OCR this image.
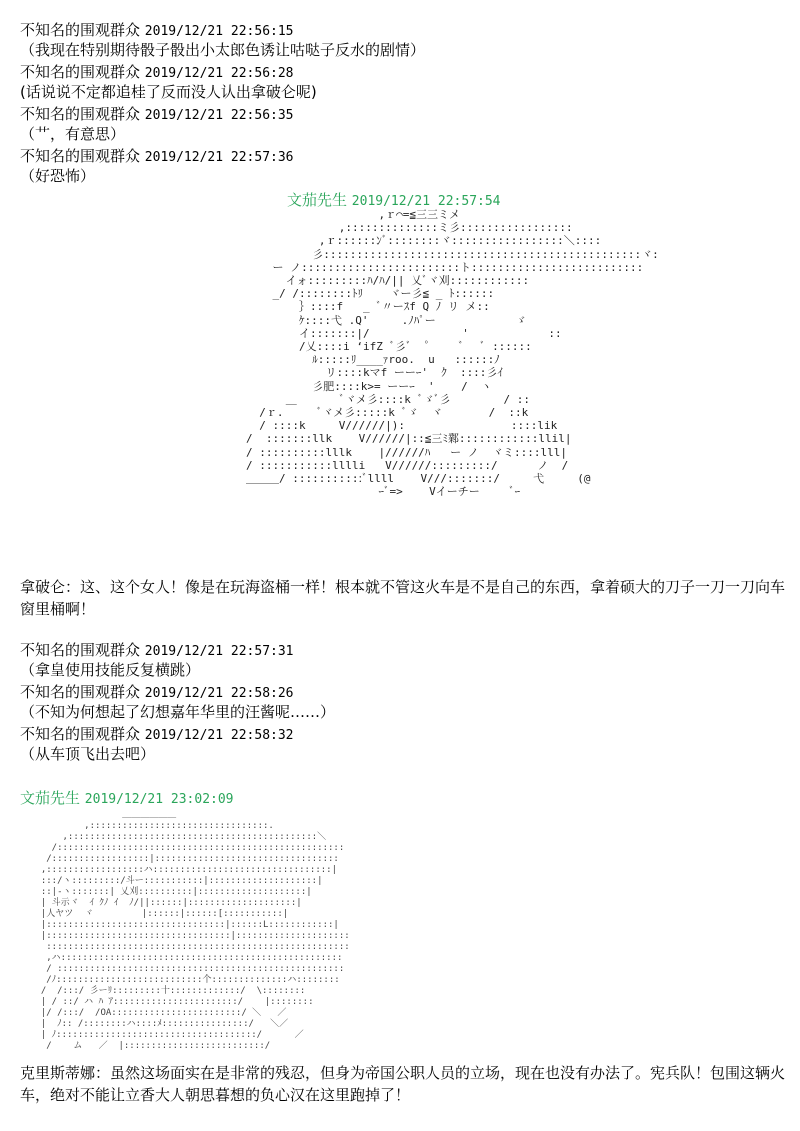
不知名的围观群众 2019/12/21 22:56:15
（我现在特别期待骰子骰出小太郎色诱让咕哒子反水的剧情）
不知名的围观群众 2019/12/21 22:56:28
(话说说不定都追桂了反而没人认出拿破仑呢)
不知名的围观群众 2019/12/21 22:56:35
（艹，有意思）
不知名的围观群众 2019/12/21 22:57:36
（好恐怖）
文茄先生 2019/12/21 22:57:54
,ｒ⌒=≦三三ミメ
,::::::::::::::ミ彡:::::::::::::::::
,ｒ::::::ﾝﾞ::::::::ヾ:::::::::::::::::＼::::
彡::::::::::::::::::::::::::::::::::::::::::::::::ヾ:
ー ノ::::::::::::::::::::::::ト::::::::::::::::::::::::::
イォ:::::::::ﾊ/ﾊ/|| 乂ﾞヾ刈::::::::::::
_/ /::::::::ﾄﾘ    ヾー彡≦ _ ﾄ::::::
｝::::f   _ ﾞ〃ーｽf Q ﾉ リ メ::
ｹ::::弋 .Q'     .ﾉﾊﾟー            ゞ
イ:::::::|/              '            ::
/乂::::i ‘ifZ ﾞ彡ﾞ  ゜    ﾞ   ﾞ ::::::
ﾙ:::::ﾘ____ｧroo.  u   ::::::ﾉ
リ::::kマf ーーｰ'  ｸ  ::::彡ｲ
彡肥::::k>= ーーｰ  '    /  ヽ
＿       ﾞヾメ彡::::k ﾞゞﾞ彡        / ::
/ｒ.     ﾞヾメ彡:::::k ﾞゞ  ヾ       /  ::k
/ ::::k     V//////|):                ::::lik
/  :::::::llk    V//////|::≦三ﾐ鄴::::::::::::llil|
/ ::::::::::lllk    |//////ﾊ   ー ノ  ヾミ::::lll|
/ :::::::::::lllli   V//////:::::::::/      ノ  /
＿＿＿/ :::::::::::ﾞllll    V///:::::::/     弋     (@
ｰﾞ=>    Vイーチー     ﾞｰ
拿破仑：这、这个女人！像是在玩海盗桶一样！根本就不管这火车是不是自己的东西，拿着硕大的刀子一刀一刀向车窗里桶啊！
不知名的围观群众 2019/12/21 22:57:31
（拿皇使用技能反复横跳）
不知名的围观群众 2019/12/21 22:58:26
（不知为何想起了幻想嘉年华里的汪酱呢……）
不知名的围观群众 2019/12/21 22:58:32
（从车顶飞出去吧）
文茄先生 2019/12/21 23:02:09
＿＿＿＿＿＿
,:::::::::::::::::::::::::::::::::.
,::::::::::::::::::::::::::::::::::::::::::::::＼
/:::::::::::::::::::::::::::::::::::::::::::::::::::::
/::::::::::::::::::|::::::::::::::::::::::::::::::::::
,::::::::::::::::::ハ:::::::::::::::::::::::::::::::::|
:::/ヽ:::::::::/斗ー:::::::::::|::::::::::::::::::::|
::|-ヽ:::::::| 乂刈::::::::::|::::::::::::::::::::|
| 斗示ヾ  ｲ ｸﾉ ｲ  ﾉ/||::::::|::::::::::::::::::::|
|人ヤツ  ヾ         |::::::|::::::[:::::::::::|
|:::::::::::::::::::::::::::::::::|::::::L::::::::::::|
|::::::::::::::::::::::::::::::::::|:::::::::::::::::::::
::::::::::::::::::::::::::::::::::::::::::::::::::::::::
,ハ::::::::::::::::::::::::::::::::::::::::::::::::::::
/ :::::::::::::::::::::::::::::::::::::::::::::::::::::
/ﾉ:::::::::::::::::::::::::::个::::::::::::::ハ::::::::
/  /:::/ 彡ーﾘ:::::::::十:::::::::::::/  \::::::::
| / ::/ ハ ﾊ ｱ:::::::::::::::::::::::/    |::::::::
|/ /:::/  /OA::::::::::::::::::::::::/ ＼   ／
|  ﾉ:: /::::::::ハ::::ﾒ::::::::::::::::/   ＼／
| ﾉ:::::::::::::::::::::::::::::::::::::/      ／
/    ム   ／  |::::::::::::::::::::::::::/
克里斯蒂娜：虽然这场面实在是非常的残忍，但身为帝国公职人员的立场，现在也没有办法了。宪兵队！包围这辆火车，绝对不能让立香大人朝思暮想的负心汉在这里跑掉了！
